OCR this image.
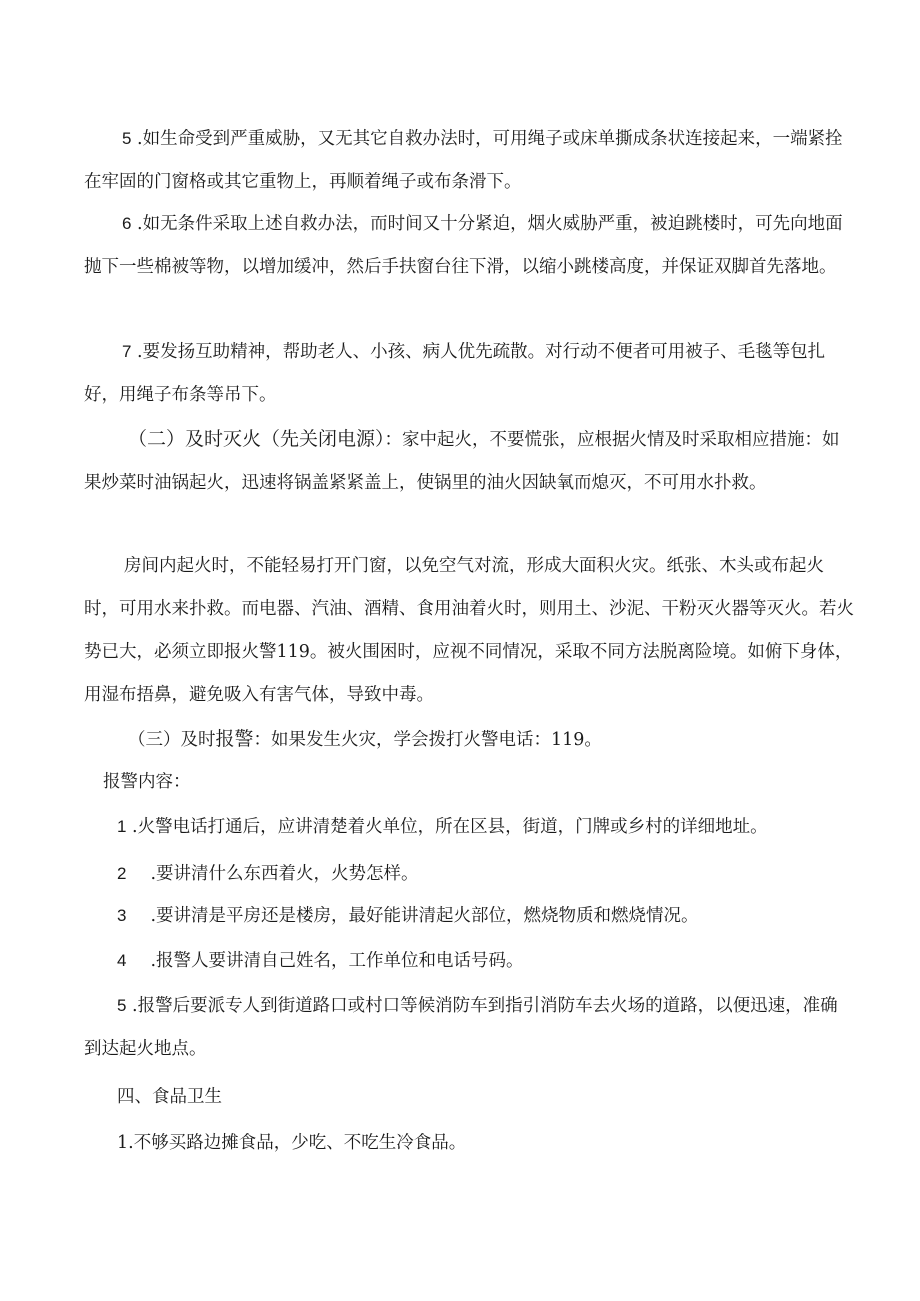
5 .如生命受到严重威胁，又无其它自救办法时，可用绳子或床单撕成条状连接起来，一端紧拴在牢固的门窗格或其它重物上，再顺着绳子或布条滑下。

6 .如无条件采取上述自救办法，而时间又十分紧迫，烟火威胁严重，被迫跳楼时，可先向地面抛下一些棉被等物，以增加缓冲，然后手扶窗台往下滑，以缩小跳楼高度，并保证双脚首先落地。

7 .要发扬互助精神，帮助老人、小孩、病人优先疏散。对行动不便者可用被子、毛毯等包扎好，用绳子布条等吊下。

（二）及时灭火（先关闭电源）：家中起火，不要慌张，应根据火情及时采取相应措施：如果炒菜时油锅起火，迅速将锅盖紧紧盖上，使锅里的油火因缺氧而熄灭，不可用水扑救。

房间内起火时，不能轻易打开门窗，以免空气对流，形成大面积火灾。纸张、木头或布起火时，可用水来扑救。而电器、汽油、酒精、食用油着火时，则用土、沙泥、干粉灭火器等灭火。若火势已大，必须立即报火警119。被火围困时，应视不同情况，采取不同方法脱离险境。如俯下身体，用湿布捂鼻，避免吸入有害气体，导致中毒。

（三）及时报警：如果发生火灾，学会拨打火警电话：119。

报警内容：

1 .火警电话打通后，应讲清楚着火单位，所在区县，街道，门牌或乡村的详细地址。

2 .要讲清什么东西着火，火势怎样。

3 .要讲清是平房还是楼房，最好能讲清起火部位，燃烧物质和燃烧情况。

4 .报警人要讲清自己姓名，工作单位和电话号码。

5 .报警后要派专人到街道路口或村口等候消防车到指引消防车去火场的道路，以便迅速，准确到达起火地点。

四、食品卫生

1.不够买路边摊食品，少吃、不吃生冷食品。
